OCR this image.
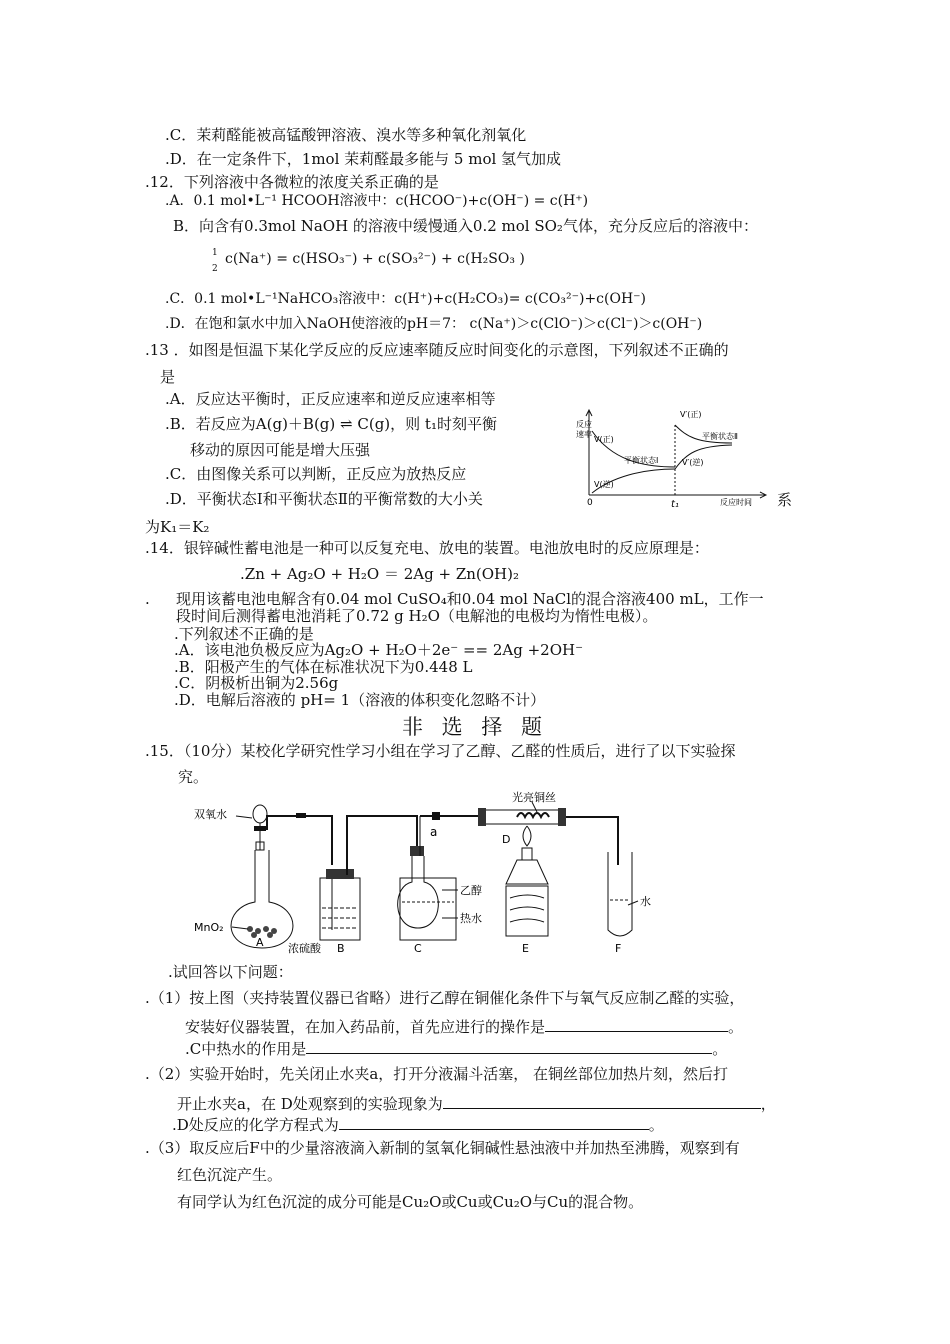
.C．茉莉醛能被高锰酸钾溶液、溴水等多种氧化剂氧化
.D．在一定条件下，1mol 茉莉醛最多能与 5 mol 氢气加成
.12．下列溶液中各微粒的浓度关系正确的是
.A．0.1 mol•L⁻¹ HCOOH溶液中：c(HCOO⁻)+c(OH⁻) = c(H⁺)
B．向含有0.3mol NaOH 的溶液中缓慢通入0.2 mol SO₂气体，充分反应后的溶液中：
1
2
c(Na⁺) = c(HSO₃⁻) + c(SO₃²⁻) + c(H₂SO₃ )
.C．0.1 mol•L⁻¹NaHCO₃溶液中：c(H⁺)+c(H₂CO₃)= c(CO₃²⁻)+c(OH⁻)
.D．在饱和氯水中加入NaOH使溶液的pH＝7： c(Na⁺)＞c(ClO⁻)＞c(Cl⁻)＞c(OH⁻)
.13 ．如图是恒温下某化学反应的反应速率随反应时间变化的示意图，下列叙述不正确的
是
.A．反应达平衡时，正反应速率和逆反应速率相等
.B．若反应为A(g)＋B(g) ⇌ C(g)，则 t₁时刻平衡
移动的原因可能是增大压强
.C．由图像关系可以判断，正反应为放热反应
.D．平衡状态Ⅰ和平衡状态Ⅱ的平衡常数的大小关	系
为K₁＝K₂
反应
速率
0	t₁	反应时间
V(正)
V(逆)
平衡状态Ⅰ
V′(正)
平衡状态Ⅱ
V′(逆)
.14．银锌碱性蓄电池是一种可以反复充电、放电的装置。电池放电时的反应原理是：
.Zn + Ag₂O + H₂O ＝ 2Ag + Zn(OH)₂
. 现用该蓄电池电解含有0.04 mol CuSO₄和0.04 mol NaCl的混合溶液400 mL，工作一
段时间后测得蓄电池消耗了0.72 g H₂O（电解池的电极均为惰性电极）。
.下列叙述不正确的是
.A．该电池负极反应为Ag₂O + H₂O＋2e⁻ == 2Ag +2OH⁻
.B．阳极产生的气体在标准状况下为0.448 L
.C．阴极析出铜为2.56g
.D．电解后溶液的 pH= 1（溶液的体积变化忽略不计）
非 选 择 题
.15．（10分）某校化学研究性学习小组在学习了乙醇、乙醛的性质后，进行了以下实验探
究。
双氧水
MnO₂
浓硫酸
乙醇
热水
光亮铜丝
水
a
A	B	C
D
E	F
.试回答以下问题：
.（1）按上图（夹持装置仪器已省略）进行乙醇在铜催化条件下与氧气反应制乙醛的实验，
安装好仪器装置，在加入药品前，首先应进行的操作是	。
.C中热水的作用是	。
.（2）实验开始时，先关闭止水夹a，打开分液漏斗活塞， 在铜丝部位加热片刻，然后打
开止水夹a，在 D处观察到的实验现象为	，
.D处反应的化学方程式为	。
.（3）取反应后F中的少量溶液滴入新制的氢氧化铜碱性悬浊液中并加热至沸腾，观察到有
红色沉淀产生。
有同学认为红色沉淀的成分可能是Cu₂O或Cu或Cu₂O与Cu的混合物。
